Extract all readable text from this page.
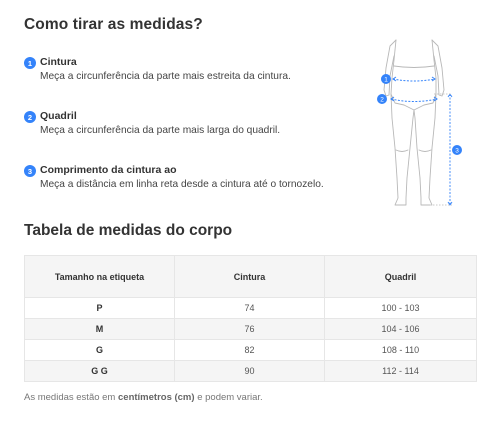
Como tirar as medidas?
1 Cintura
Meça a circunferência da parte mais estreita da cintura.
2 Quadril
Meça a circunferência da parte mais larga do quadril.
3 Comprimento da cintura ao
Meça a distância em linha reta desde a cintura até o tornozelo.
1
2
3
Tabela de medidas do corpo
Tamanho na etiqueta	Cintura	Quadril
P	74	100 - 103
M	76	104 - 106
G	82	108 - 110
G G	90	112 - 114
As medidas estão em centímetros (cm) e podem variar.
